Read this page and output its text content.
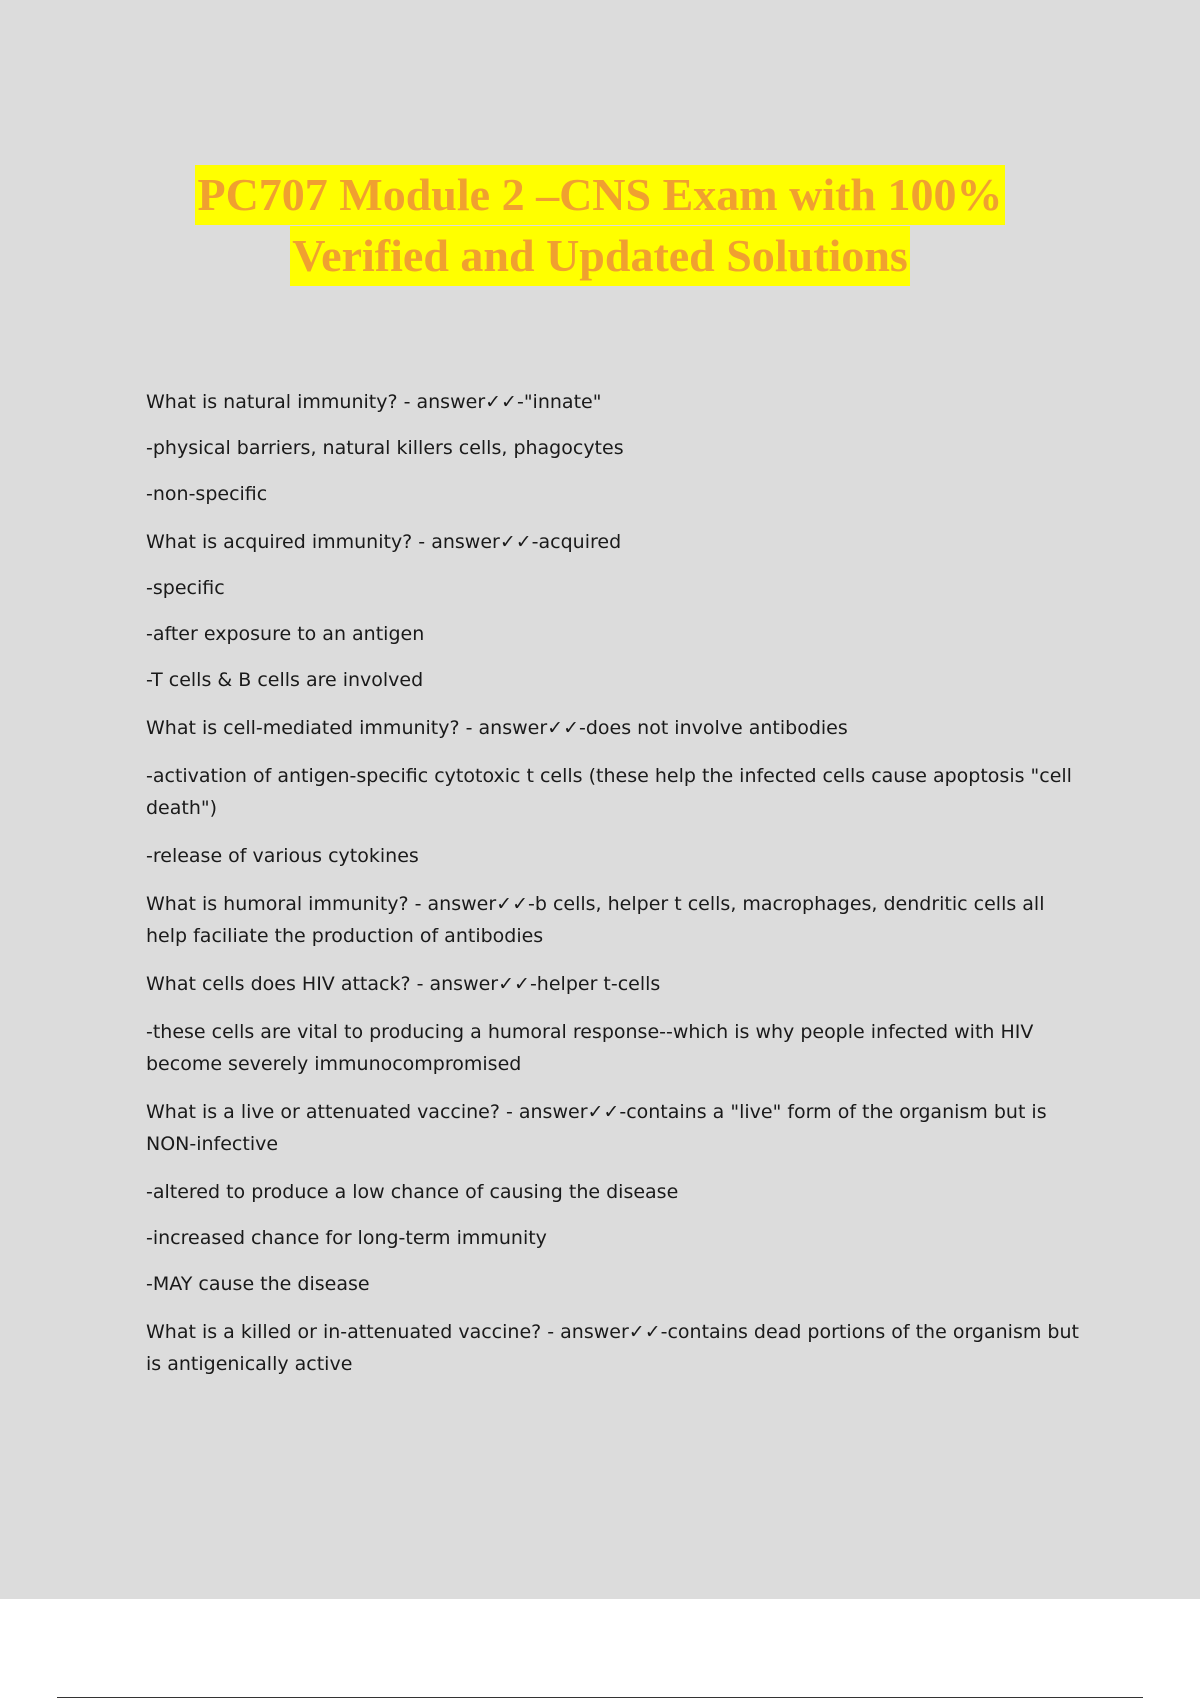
PC707 Module 2 –CNS Exam with 100%
Verified and Updated Solutions

What is natural immunity? - answer✓✓-"innate"

-physical barriers, natural killers cells, phagocytes

-non-specific

What is acquired immunity? - answer✓✓-acquired

-specific

-after exposure to an antigen

-T cells & B cells are involved

What is cell-mediated immunity? - answer✓✓-does not involve antibodies

-activation of antigen-specific cytotoxic t cells (these help the infected cells cause apoptosis "cell death")

-release of various cytokines

What is humoral immunity? - answer✓✓-b cells, helper t cells, macrophages, dendritic cells all help faciliate the production of antibodies

What cells does HIV attack? - answer✓✓-helper t-cells

-these cells are vital to producing a humoral response--which is why people infected with HIV become severely immunocompromised

What is a live or attenuated vaccine? - answer✓✓-contains a "live" form of the organism but is NON-infective

-altered to produce a low chance of causing the disease

-increased chance for long-term immunity

-MAY cause the disease

What is a killed or in-attenuated vaccine? - answer✓✓-contains dead portions of the organism but is antigenically active
